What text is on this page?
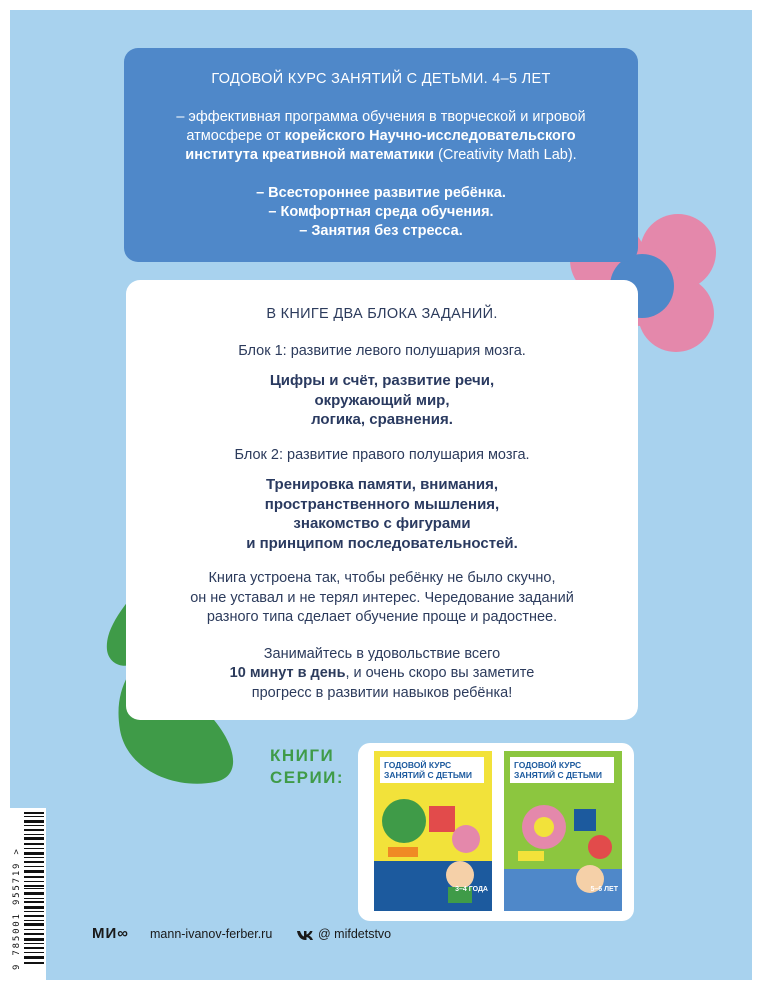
ГОДОВОЙ КУРС ЗАНЯТИЙ С ДЕТЬМИ. 4–5 ЛЕТ
– эффективная программа обучения в творческой и игровой
атмосфере от корейского Научно-исследовательского
института креативной математики (Creativity Math Lab).
– Всестороннее развитие ребёнка.
– Комфортная среда обучения.
– Занятия без стресса.
В КНИГЕ ДВА БЛОКА ЗАДАНИЙ.
Блок 1: развитие левого полушария мозга.
Цифры и счёт, развитие речи,
окружающий мир,
логика, сравнения.
Блок 2: развитие правого полушария мозга.
Тренировка памяти, внимания,
пространственного мышления,
знакомство с фигурами
и принципом последовательностей.

Книга устроена так, чтобы ребёнку не было скучно,
он не уставал и не терял интерес. Чередование заданий
разного типа сделает обучение проще и радостнее.

Занимайтесь в удовольствие всего
10 минут в день, и очень скоро вы заметите
прогресс в развитии навыков ребёнка!

КНИГИ
СЕРИИ:
ГОДОВОЙ КУРС ЗАНЯТИЙ С ДЕТЬМИ
3–4 ГОДА
ГОДОВОЙ КУРС ЗАНЯТИЙ С ДЕТЬМИ
5–6 ЛЕТ
9 785001 955719 >	МИ∞ mann-ivanov-ferber.ru	@ mifdetstvo
